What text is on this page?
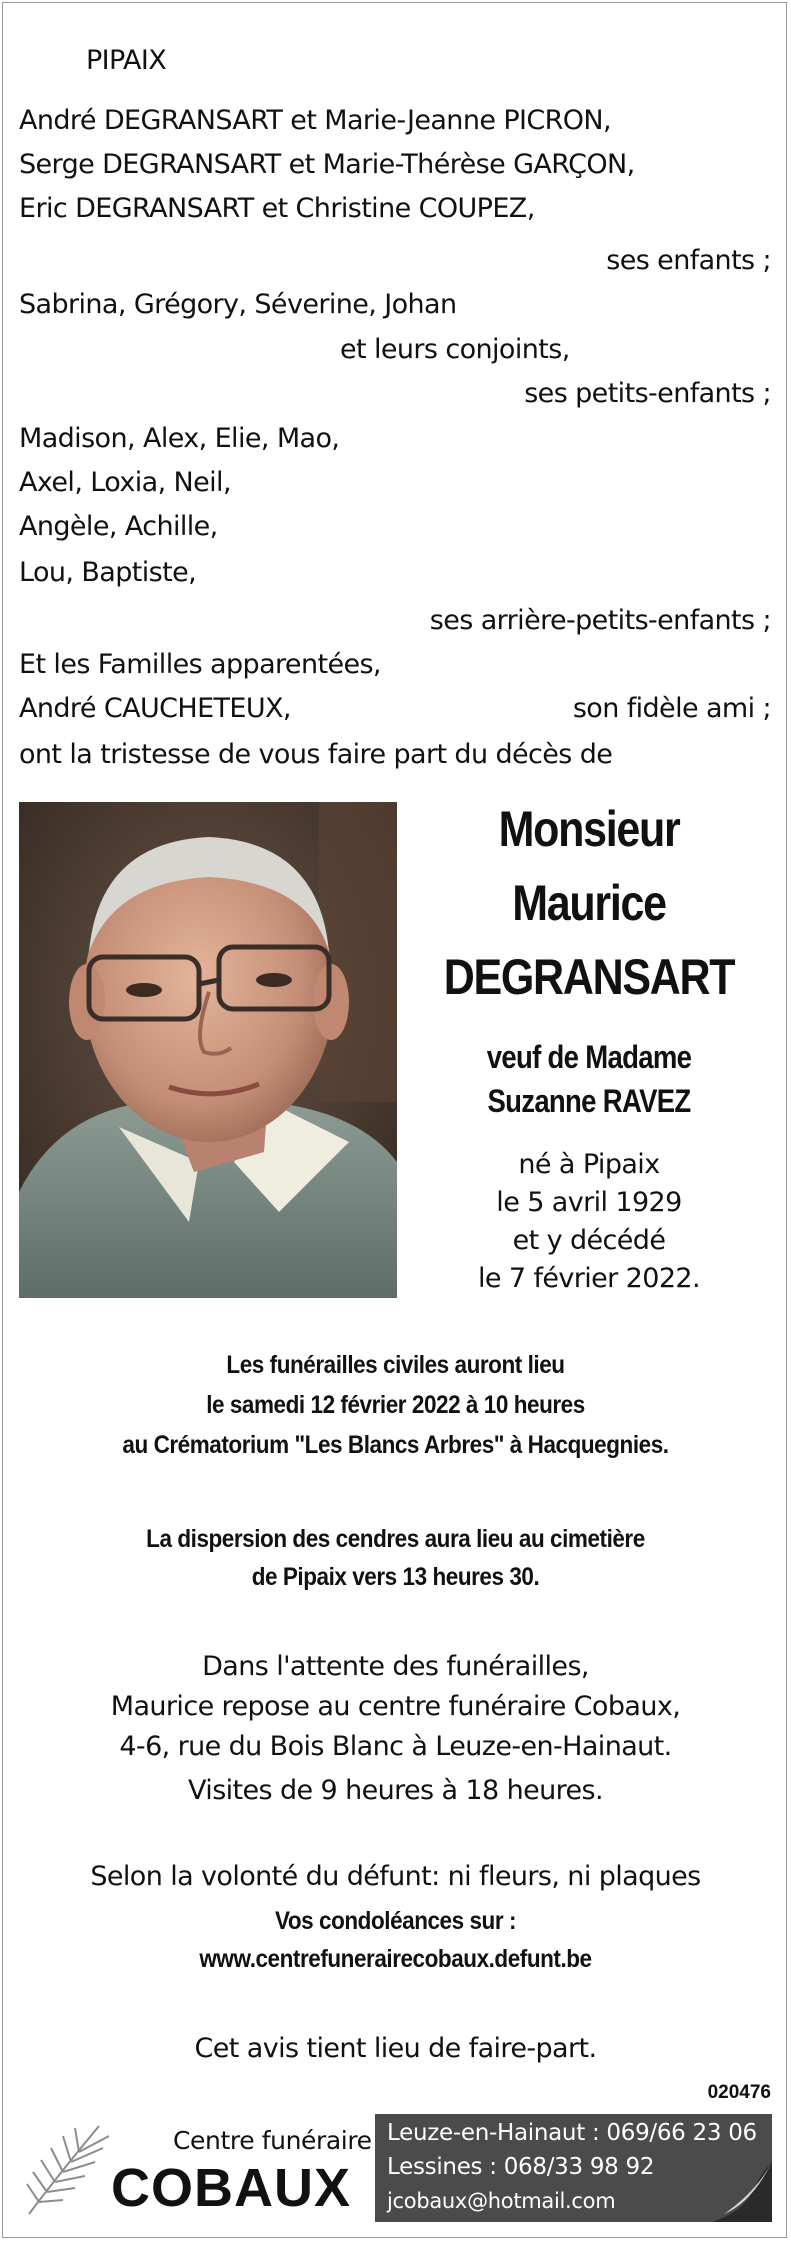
PIPAIX
André DEGRANSART et Marie-Jeanne PICRON,
Serge DEGRANSART et Marie-Thérèse GARÇON,
Eric DEGRANSART et Christine COUPEZ,
ses enfants ;
Sabrina, Grégory, Séverine, Johan
et leurs conjoints,
ses petits-enfants ;
Madison, Alex, Elie, Mao,
Axel, Loxia, Neil,
Angèle, Achille,
Lou, Baptiste,
ses arrière-petits-enfants ;
Et les Familles apparentées,
André CAUCHETEUX,	son fidèle ami ;
ont la tristesse de vous faire part du décès de
Monsieur
Maurice
DEGRANSART
veuf de Madame
Suzanne RAVEZ
né à Pipaix
le 5 avril 1929
et y décédé
le 7 février 2022.
Les funérailles civiles auront lieu
le samedi 12 février 2022 à 10 heures
au Crématorium "Les Blancs Arbres" à Hacquegnies.
La dispersion des cendres aura lieu au cimetière
de Pipaix vers 13 heures 30.
Dans l'attente des funérailles,
Maurice repose au centre funéraire Cobaux,
4-6, rue du Bois Blanc à Leuze-en-Hainaut.
Visites de 9 heures à 18 heures.
Selon la volonté du défunt: ni fleurs, ni plaques
Vos condoléances sur :
www.centrefunerairecobaux.defunt.be
Cet avis tient lieu de faire-part.
020476
Centre funéraire
COBAUX
Leuze-en-Hainaut : 069/66 23 06
Lessines : 068/33 98 92
jcobaux@hotmail.com
